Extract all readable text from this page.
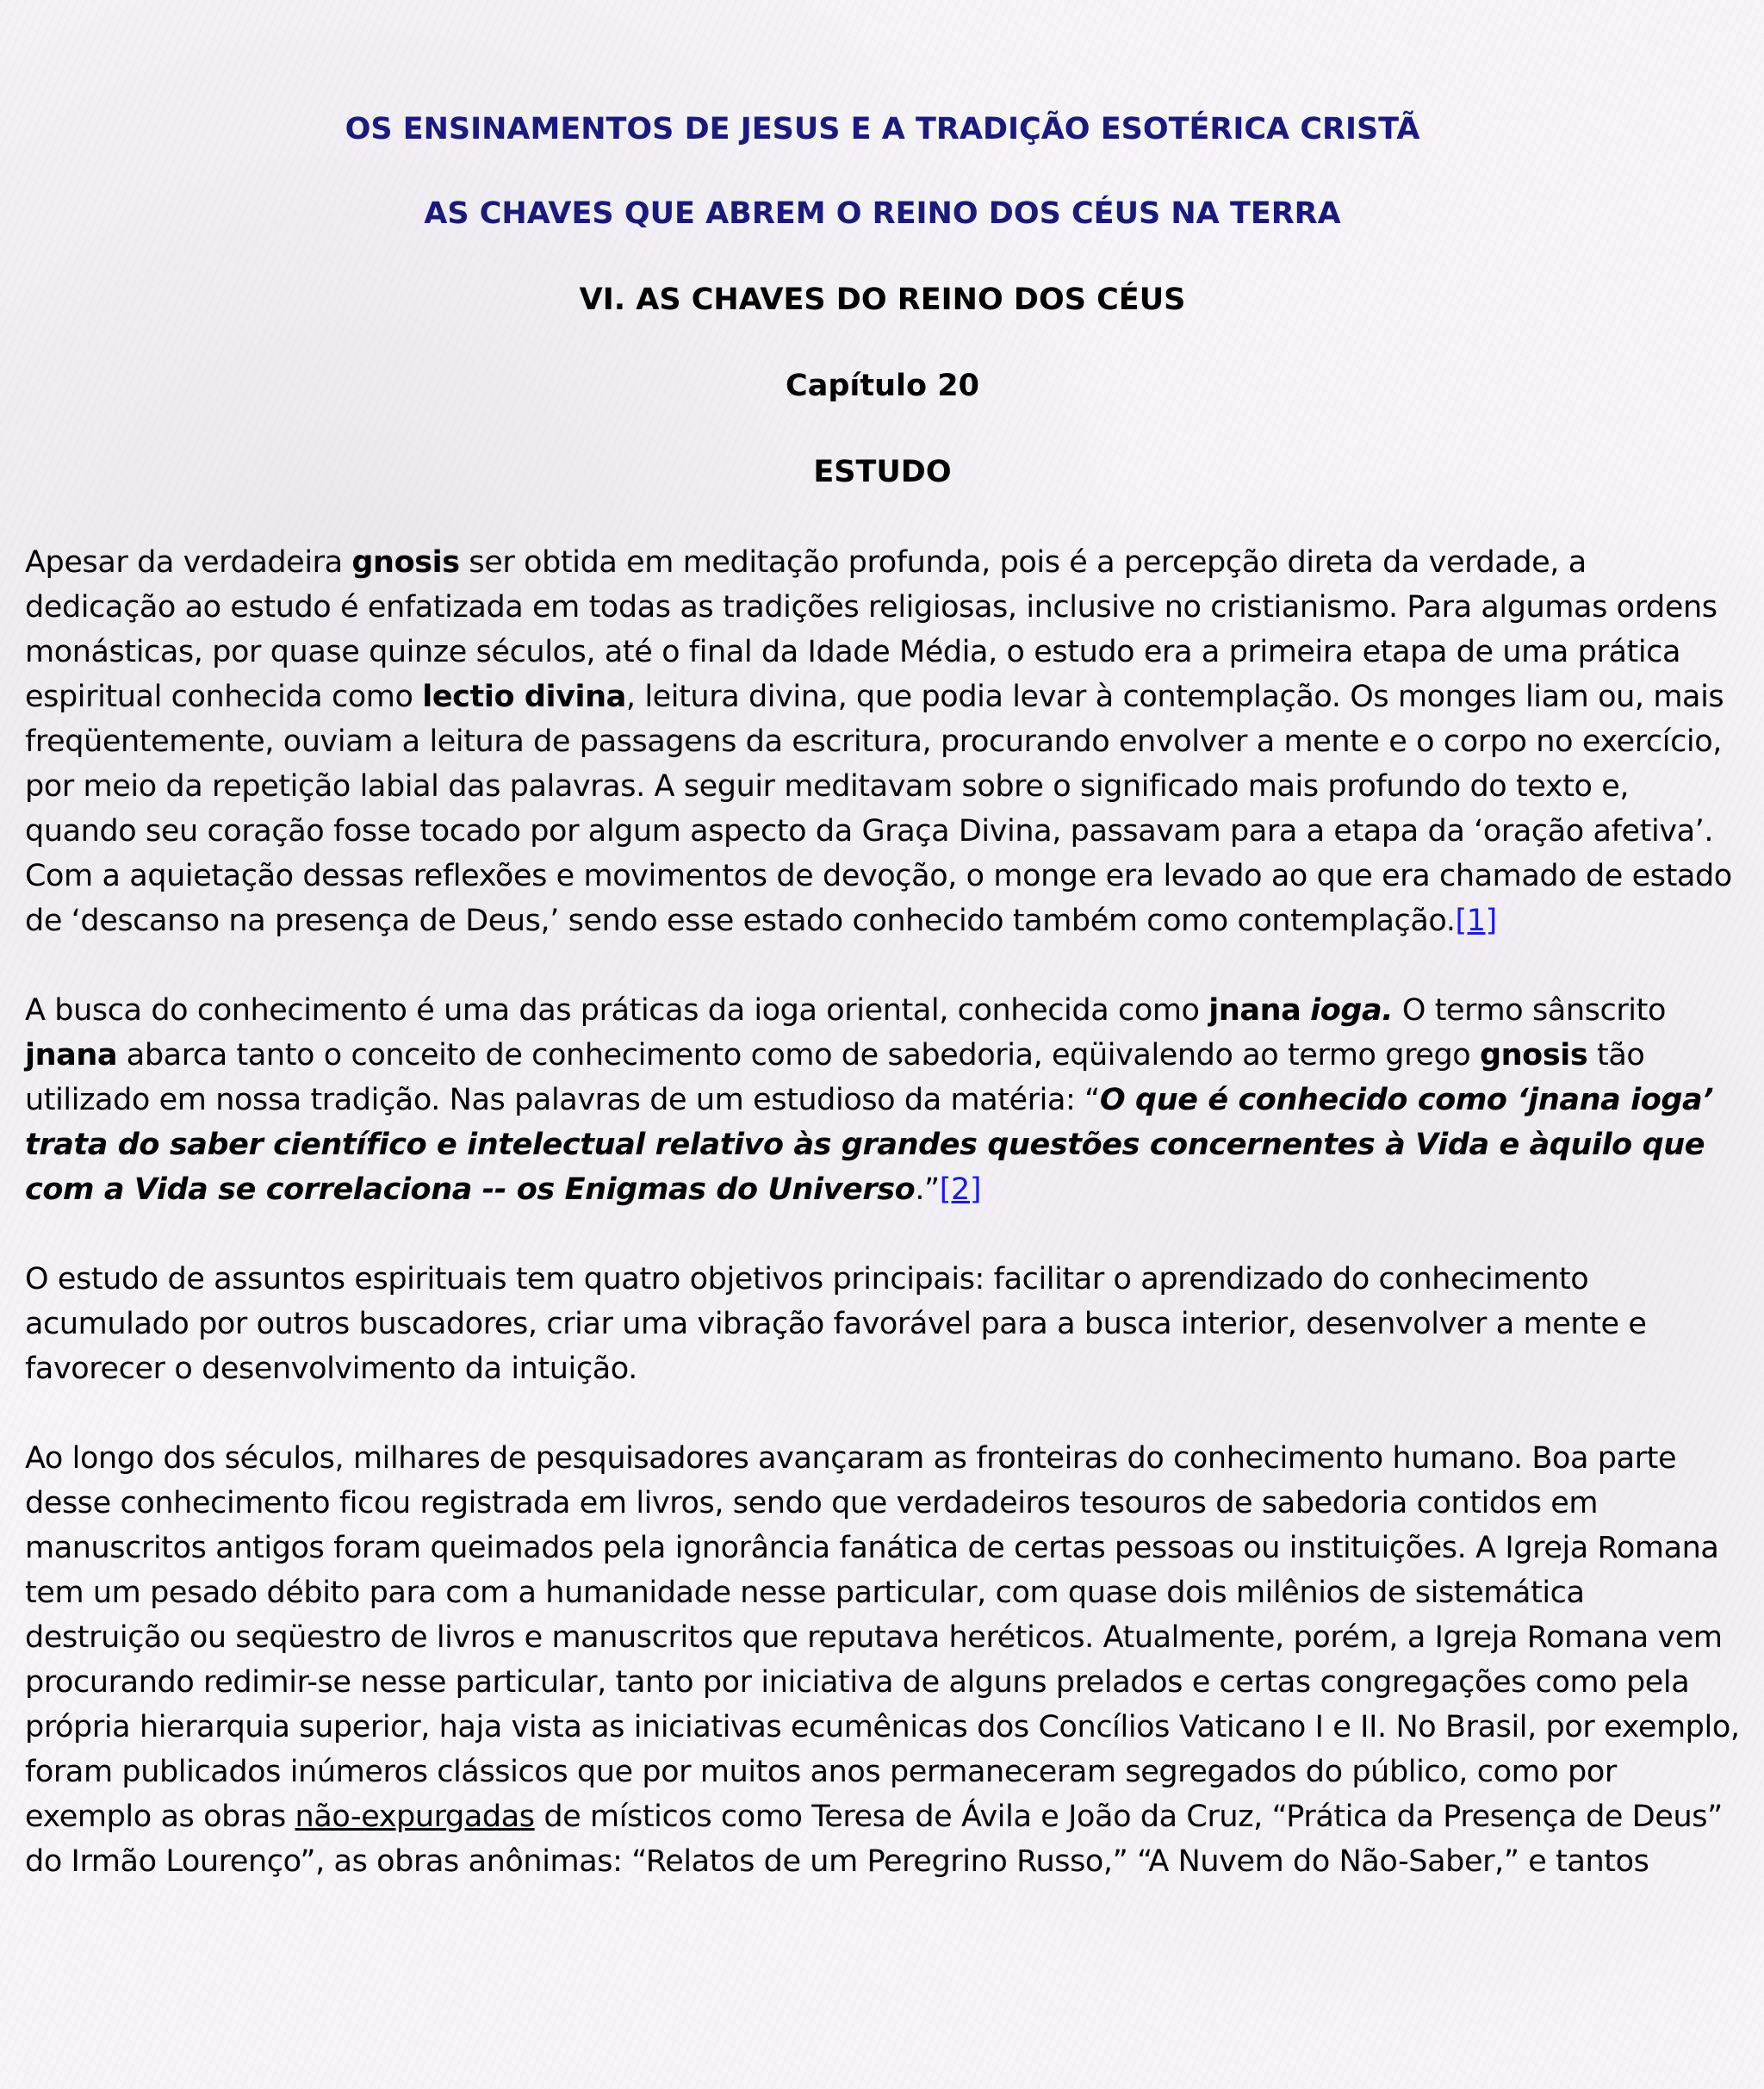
OS ENSINAMENTOS DE JESUS E A TRADIÇÃO ESOTÉRICA CRISTÃ
AS CHAVES QUE ABREM O REINO DOS CÉUS NA TERRA
VI. AS CHAVES DO REINO DOS CÉUS
Capítulo 20
ESTUDO

Apesar da verdadeira gnosis ser obtida em meditação profunda, pois é a percepção direta da verdade, a dedicação ao estudo é enfatizada em todas as tradições religiosas, inclusive no cristianismo. Para algumas ordens monásticas, por quase quinze séculos, até o final da Idade Média, o estudo era a primeira etapa de uma prática espiritual conhecida como lectio divina, leitura divina, que podia levar à contemplação. Os monges liam ou, mais freqüentemente, ouviam a leitura de passagens da escritura, procurando envolver a mente e o corpo no exercício, por meio da repetição labial das palavras. A seguir meditavam sobre o significado mais profundo do texto e, quando seu coração fosse tocado por algum aspecto da Graça Divina, passavam para a etapa da ‘oração afetiva’. Com a aquietação dessas reflexões e movimentos de devoção, o monge era levado ao que era chamado de estado de ‘descanso na presença de Deus,’ sendo esse estado conhecido também como contemplação.[1]

A busca do conhecimento é uma das práticas da ioga oriental, conhecida como jnana ioga. O termo sânscrito jnana abarca tanto o conceito de conhecimento como de sabedoria, eqüivalendo ao termo grego gnosis tão utilizado em nossa tradição. Nas palavras de um estudioso da matéria: “O que é conhecido como ‘jnana ioga’ trata do saber científico e intelectual relativo às grandes questões concernentes à Vida e àquilo que com a Vida se correlaciona -- os Enigmas do Universo.”[2]

O estudo de assuntos espirituais tem quatro objetivos principais: facilitar o aprendizado do conhecimento acumulado por outros buscadores, criar uma vibração favorável para a busca interior, desenvolver a mente e favorecer o desenvolvimento da intuição.

Ao longo dos séculos, milhares de pesquisadores avançaram as fronteiras do conhecimento humano. Boa parte desse conhecimento ficou registrada em livros, sendo que verdadeiros tesouros de sabedoria contidos em manuscritos antigos foram queimados pela ignorância fanática de certas pessoas ou instituições. A Igreja Romana tem um pesado débito para com a humanidade nesse particular, com quase dois milênios de sistemática destruição ou seqüestro de livros e manuscritos que reputava heréticos. Atualmente, porém, a Igreja Romana vem procurando redimir-se nesse particular, tanto por iniciativa de alguns prelados e certas congregações como pela própria hierarquia superior, haja vista as iniciativas ecumênicas dos Concílios Vaticano I e II. No Brasil, por exemplo, foram publicados inúmeros clássicos que por muitos anos permaneceram segregados do público, como por exemplo as obras não-expurgadas de místicos como Teresa de Ávila e João da Cruz, “Prática da Presença de Deus” do Irmão Lourenço”, as obras anônimas: “Relatos de um Peregrino Russo,” “A Nuvem do Não-Saber,” e tantos
